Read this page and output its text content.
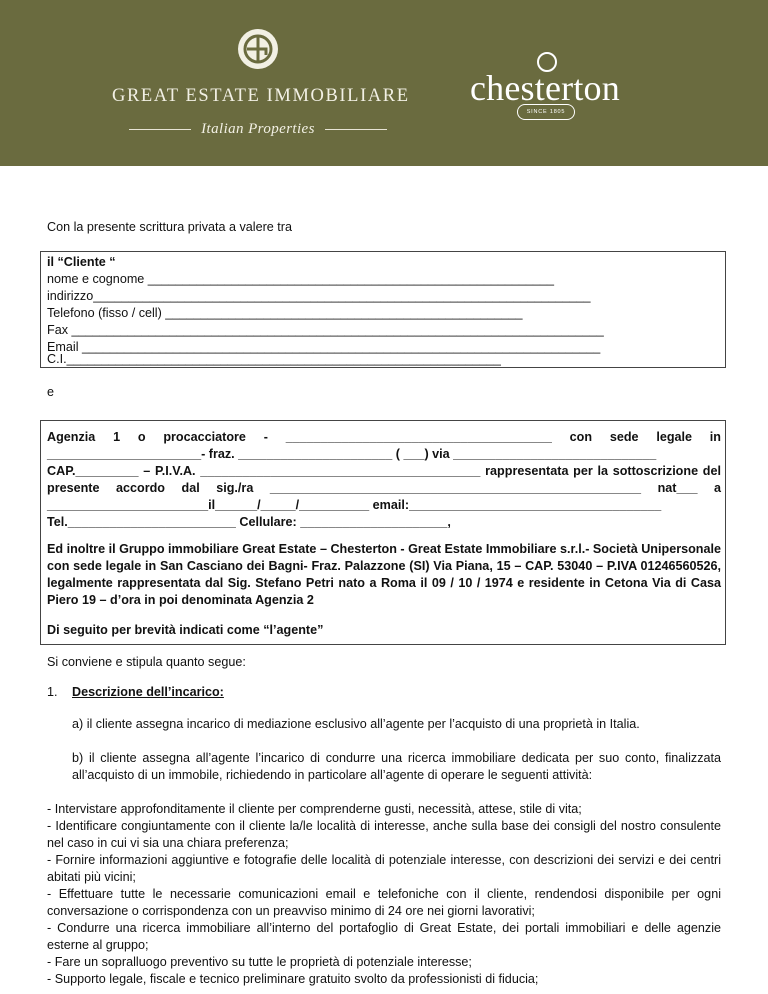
GREAT ESTATE IMMOBILIARE
Italian Properties
chesterton
SINCE 1805
Con la presente scrittura privata a valere tra
il “Cliente “
nome e cognome __________________________________________________________
indirizzo_______________________________________________________________________
Telefono (fisso / cell) ___________________________________________________
Fax ____________________________________________________________________________
Email __________________________________________________________________________
C.I.______________________________________________________________
e
Agenzia 1 o procacciatore - ______________________________________ con sede legale in
______________________- fraz. ______________________ ( ___) via _____________________________
CAP._________ – P.I.V.A. ________________________________________ rappresentata per la sottoscrizione del
presente accordo dal sig./ra _____________________________________________________ nat___ a
_______________________il______/_____/__________ email:____________________________________
Tel.________________________ Cellulare: _____________________,
Ed inoltre il Gruppo immobiliare Great Estate – Chesterton - Great Estate Immobiliare s.r.l.- Società Unipersonale
con sede legale in San Casciano dei Bagni- Fraz. Palazzone (SI) Via Piana, 15 – CAP. 53040 – P.IVA 01246560526,
legalmente rappresentata dal Sig. Stefano Petri nato a Roma il 09 / 10 / 1974 e residente in Cetona Via di Casa
Piero 19 – d’ora in poi denominata Agenzia 2
Di seguito per brevità indicati come “l’agente”
Si conviene e stipula quanto segue:
1. Descrizione dell’incarico:
a) il cliente assegna incarico di mediazione esclusivo all’agente per l’acquisto di una proprietà in Italia.
b) il cliente assegna all’agente l’incarico di condurre una ricerca immobiliare dedicata per suo conto, finalizzata all’acquisto di un immobile, richiedendo in particolare all’agente di operare le seguenti attività:
- Intervistare approfonditamente il cliente per comprenderne gusti, necessità, attese, stile di vita;
- Identificare congiuntamente con il cliente la/le località di interesse, anche sulla base dei consigli del nostro consulente nel caso in cui vi sia una chiara preferenza;
- Fornire informazioni aggiuntive e fotografie delle località di potenziale interesse, con descrizioni dei servizi e dei centri abitati più vicini;
- Effettuare tutte le necessarie comunicazioni email e telefoniche con il cliente, rendendosi disponibile per ogni conversazione o corrispondenza con un preavviso minimo di 24 ore nei giorni lavorativi;
- Condurre una ricerca immobiliare all’interno del portafoglio di Great Estate, dei portali immobiliari e delle agenzie esterne al gruppo;
- Fare un sopralluogo preventivo su tutte le proprietà di potenziale interesse;
- Supporto legale, fiscale e tecnico preliminare gratuito svolto da professionisti di fiducia;
